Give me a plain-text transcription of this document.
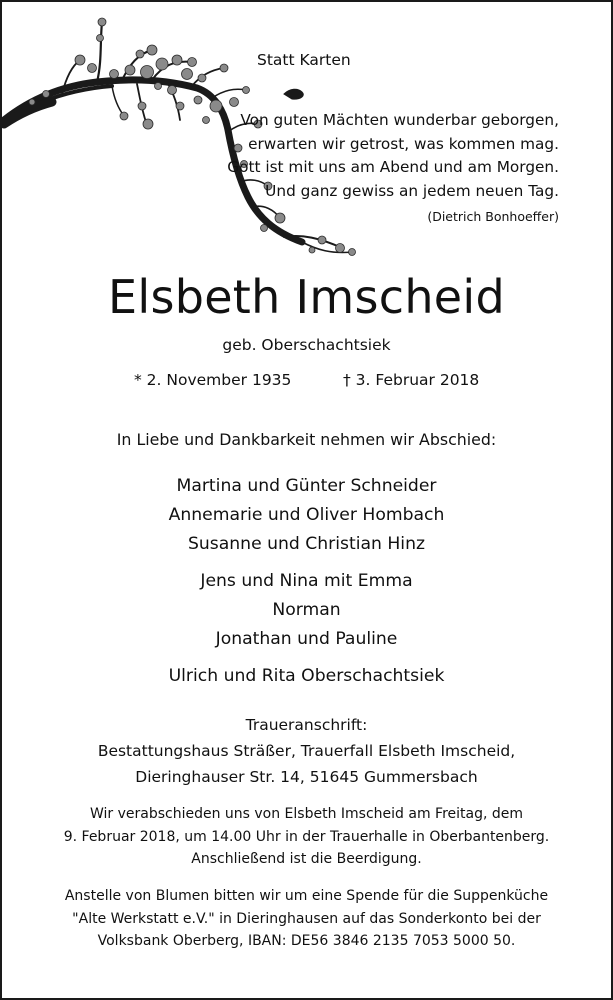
Statt Karten
Von guten Mächten wunderbar geborgen,
erwarten wir getrost, was kommen mag.
Gott ist mit uns am Abend und am Morgen.
Und ganz gewiss an jedem neuen Tag.
(Dietrich Bonhoeffer)
Elsbeth Imscheid
geb. Oberschachtsiek
* 2. November 1935	† 3. Februar 2018
In Liebe und Dankbarkeit nehmen wir Abschied:
Martina und Günter Schneider
Annemarie und Oliver Hombach
Susanne und Christian Hinz
Jens und Nina mit Emma
Norman
Jonathan und Pauline
Ulrich und Rita Oberschachtsiek
Traueranschrift:
Bestattungshaus Sträßer, Trauerfall Elsbeth Imscheid,
Dieringhauser Str. 14, 51645 Gummersbach
Wir verabschieden uns von Elsbeth Imscheid am Freitag, dem
9. Februar 2018, um 14.00 Uhr in der Trauerhalle in Oberbantenberg.
Anschließend ist die Beerdigung.
Anstelle von Blumen bitten wir um eine Spende für die Suppenküche
"Alte Werkstatt e.V." in Dieringhausen auf das Sonderkonto bei der
Volksbank Oberberg, IBAN: DE56 3846 2135 7053 5000 50.
